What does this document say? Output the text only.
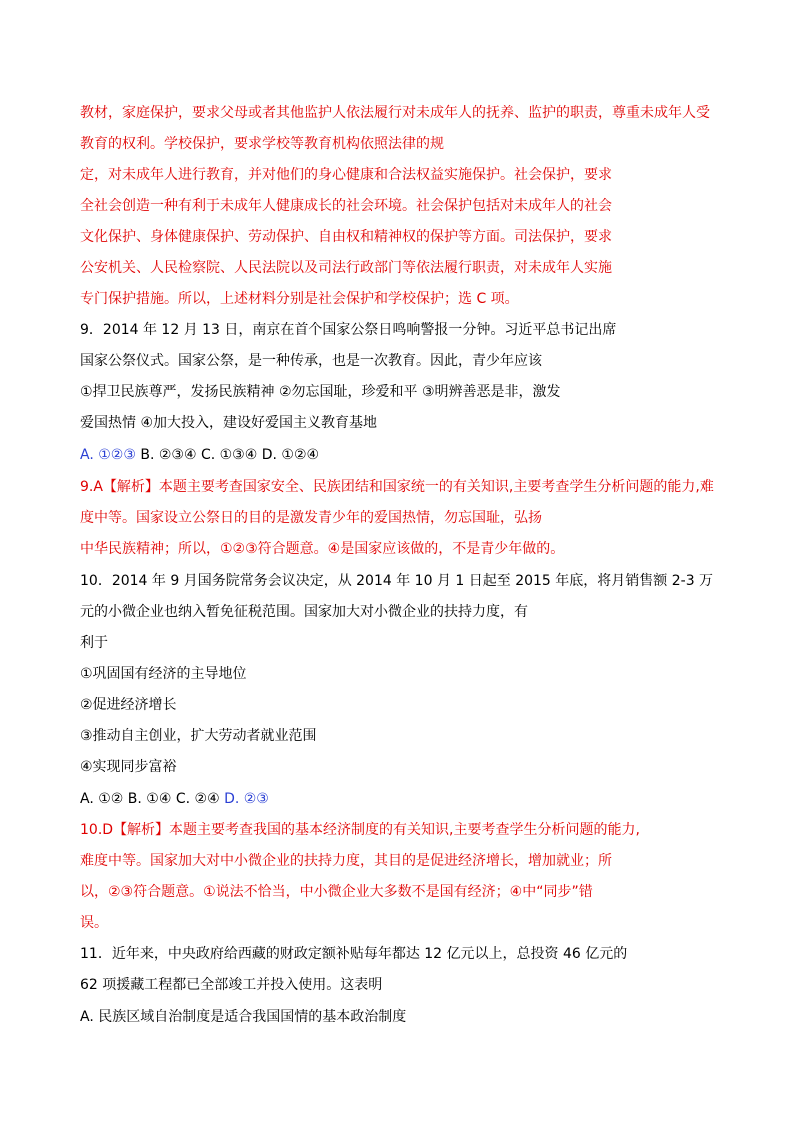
教材，家庭保护，要求父母或者其他监护人依法履行对未成年人的抚养、监护的职责，尊重未成年人受
教育的权利。学校保护，要求学校等教育机构依照法律的规
定，对未成年人进行教育，并对他们的身心健康和合法权益实施保护。社会保护，要求
全社会创造一种有利于未成年人健康成长的社会环境。社会保护包括对未成年人的社会
文化保护、身体健康保护、劳动保护、自由权和精神权的保护等方面。司法保护，要求
公安机关、人民检察院、人民法院以及司法行政部门等依法履行职责，对未成年人实施
专门保护措施。所以，上述材料分别是社会保护和学校保护；选 C 项。
9．2014 年 12 月 13 日，南京在首个国家公祭日鸣响警报一分钟。习近平总书记出席
国家公祭仪式。国家公祭，是一种传承，也是一次教育。因此，青少年应该
①捍卫民族尊严，发扬民族精神 ②勿忘国耻，珍爱和平 ③明辨善恶是非，激发
爱国热情 ④加大投入，建设好爱国主义教育基地
A. ①②③ B. ②③④ C. ①③④ D. ①②④
9.A【解析】本题主要考查国家安全、民族团结和国家统一的有关知识,主要考查学生分析问题的能力,难
度中等。国家设立公祭日的目的是激发青少年的爱国热情，勿忘国耻，弘扬
中华民族精神；所以，①②③符合题意。④是国家应该做的，不是青少年做的。
10．2014 年 9 月国务院常务会议决定，从 2014 年 10 月 1 日起至 2015 年底，将月销售额 2-3 万
元的小微企业也纳入暂免征税范围。国家加大对小微企业的扶持力度，有
利于
①巩固国有经济的主导地位
②促进经济增长
③推动自主创业，扩大劳动者就业范围
④实现同步富裕
A. ①② B. ①④ C. ②④ D. ②③
10.D【解析】本题主要考查我国的基本经济制度的有关知识,主要考查学生分析问题的能力,
难度中等。国家加大对中小微企业的扶持力度，其目的是促进经济增长，增加就业；所
以，②③符合题意。①说法不恰当，中小微企业大多数不是国有经济；④中“同步”错
误。
11．近年来，中央政府给西藏的财政定额补贴每年都达 12 亿元以上，总投资 46 亿元的
62 项援藏工程都已全部竣工并投入使用。这表明
A. 民族区域自治制度是适合我国国情的基本政治制度
